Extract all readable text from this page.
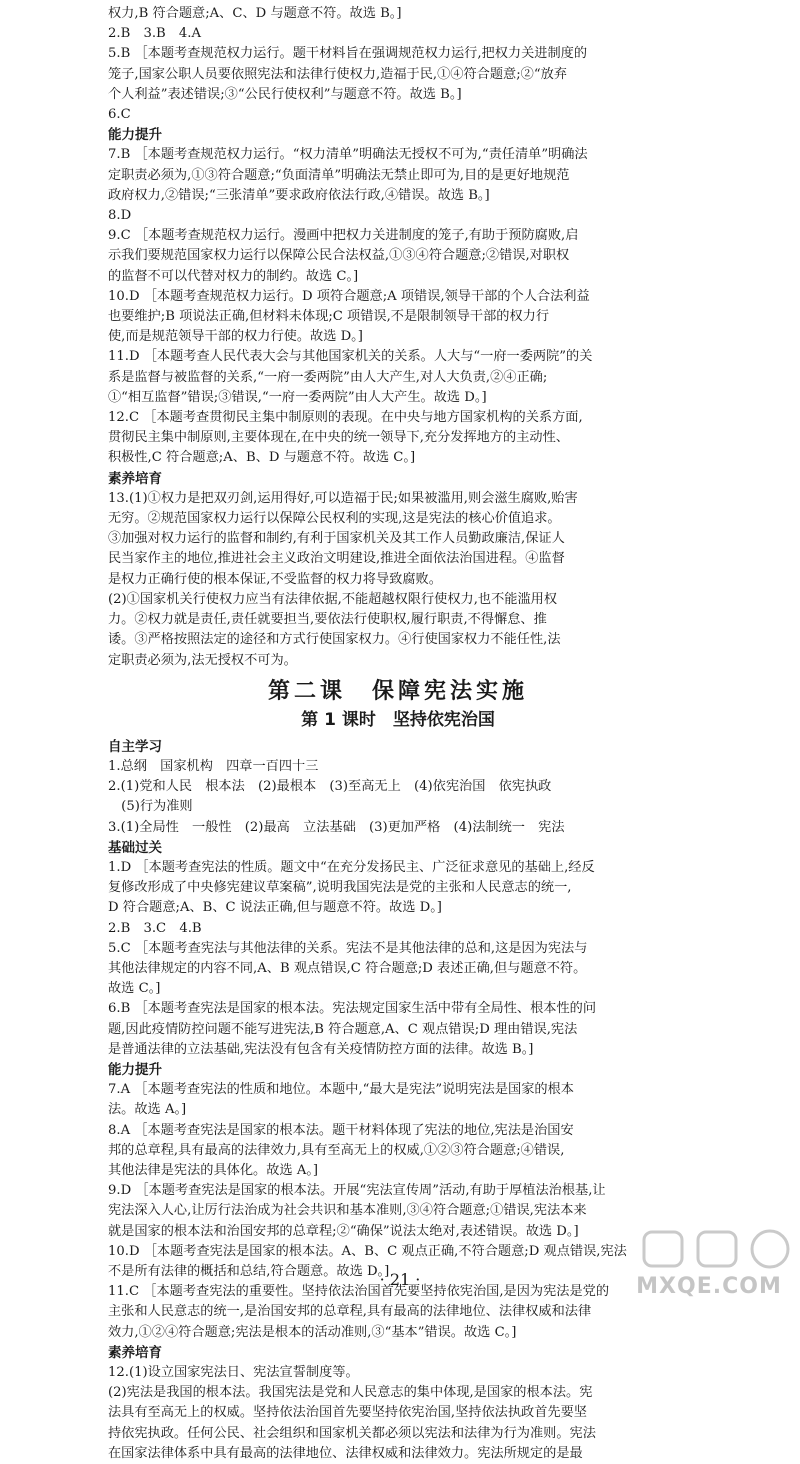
权力,B 符合题意;A、C、D 与题意不符。故选 B。]
2.B　3.B　4.A
5.B ［本题考查规范权力运行。题干材料旨在强调规范权力运行,把权力关进制度的
笼子,国家公职人员要依照宪法和法律行使权力,造福于民,①④符合题意;②“放弃
个人利益”表述错误;③“公民行使权利”与题意不符。故选 B。]
6.C
能力提升
7.B ［本题考查规范权力运行。“权力清单”明确法无授权不可为,“责任清单”明确法
定职责必须为,①③符合题意;“负面清单”明确法无禁止即可为,目的是更好地规范
政府权力,②错误;“三张清单”要求政府依法行政,④错误。故选 B。]
8.D
9.C ［本题考查规范权力运行。漫画中把权力关进制度的笼子,有助于预防腐败,启
示我们要规范国家权力运行以保障公民合法权益,①③④符合题意;②错误,对职权
的监督不可以代替对权力的制约。故选 C。]
10.D ［本题考查规范权力运行。D 项符合题意;A 项错误,领导干部的个人合法利益
也要维护;B 项说法正确,但材料未体现;C 项错误,不是限制领导干部的权力行
使,而是规范领导干部的权力行使。故选 D。]
11.D ［本题考查人民代表大会与其他国家机关的关系。人大与“一府一委两院”的关
系是监督与被监督的关系,“一府一委两院”由人大产生,对人大负责,②④正确;
①“相互监督”错误;③错误,“一府一委两院”由人大产生。故选 D。]
12.C ［本题考查贯彻民主集中制原则的表现。在中央与地方国家机构的关系方面,
贯彻民主集中制原则,主要体现在,在中央的统一领导下,充分发挥地方的主动性、
积极性,C 符合题意;A、B、D 与题意不符。故选 C。]
素养培育
13.(1)①权力是把双刃剑,运用得好,可以造福于民;如果被滥用,则会滋生腐败,贻害
无穷。②规范国家权力运行以保障公民权利的实现,这是宪法的核心价值追求。
③加强对权力运行的监督和制约,有利于国家机关及其工作人员勤政廉洁,保证人
民当家作主的地位,推进社会主义政治文明建设,推进全面依法治国进程。④监督
是权力正确行使的根本保证,不受监督的权力将导致腐败。
(2)①国家机关行使权力应当有法律依据,不能超越权限行使权力,也不能滥用权
力。②权力就是责任,责任就要担当,要依法行使职权,履行职责,不得懈怠、推
诿。③严格按照法定的途径和方式行使国家权力。④行使国家权力不能任性,法
定职责必须为,法无授权不可为。
第二课　保障宪法实施
第 1 课时　坚持依宪治国
自主学习
1.总纲　国家机构　四章一百四十三
2.(1)党和人民　根本法　(2)最根本　(3)至高无上　(4)依宪治国　依宪执政
　(5)行为准则
3.(1)全局性　一般性　(2)最高　立法基础　(3)更加严格　(4)法制统一　宪法
基础过关
1.D ［本题考查宪法的性质。题文中“在充分发扬民主、广泛征求意见的基础上,经反
复修改形成了中央修宪建议草案稿”,说明我国宪法是党的主张和人民意志的统一,
D 符合题意;A、B、C 说法正确,但与题意不符。故选 D。]
2.B　3.C　4.B
5.C ［本题考查宪法与其他法律的关系。宪法不是其他法律的总和,这是因为宪法与
其他法律规定的内容不同,A、B 观点错误,C 符合题意;D 表述正确,但与题意不符。
故选 C。]
6.B ［本题考查宪法是国家的根本法。宪法规定国家生活中带有全局性、根本性的问
题,因此疫情防控问题不能写进宪法,B 符合题意,A、C 观点错误;D 理由错误,宪法
是普通法律的立法基础,宪法没有包含有关疫情防控方面的法律。故选 B。]
能力提升
7.A ［本题考查宪法的性质和地位。本题中,“最大是宪法”说明宪法是国家的根本
法。故选 A。]
8.A ［本题考查宪法是国家的根本法。题干材料体现了宪法的地位,宪法是治国安
邦的总章程,具有最高的法律效力,具有至高无上的权威,①②③符合题意;④错误,
其他法律是宪法的具体化。故选 A。]
9.D ［本题考查宪法是国家的根本法。开展“宪法宣传周”活动,有助于厚植法治根基,让
宪法深入人心,让厉行法治成为社会共识和基本准则,③④符合题意;①错误,宪法本来
就是国家的根本法和治国安邦的总章程;②“确保”说法太绝对,表述错误。故选 D。]
10.D ［本题考查宪法是国家的根本法。A、B、C 观点正确,不符合题意;D 观点错误,宪法
不是所有法律的概括和总结,符合题意。故选 D。]
11.C ［本题考查宪法的重要性。坚持依法治国首先要坚持依宪治国,是因为宪法是党的
主张和人民意志的统一,是治国安邦的总章程,具有最高的法律地位、法律权威和法律
效力,①②④符合题意;宪法是根本的活动准则,③“基本”错误。故选 C。]
素养培育
12.(1)设立国家宪法日、宪法宣誓制度等。
(2)宪法是我国的根本法。我国宪法是党和人民意志的集中体现,是国家的根本法。宪
法具有至高无上的权威。坚持依法治国首先要坚持依宪治国,坚持依法执政首先要坚
持依宪执政。任何公民、社会组织和国家机关都必须以宪法和法律为行为准则。宪法
在国家法律体系中具有最高的法律地位、法律权威和法律效力。宪法所规定的是最
· 21 ·	MXQE.COM
